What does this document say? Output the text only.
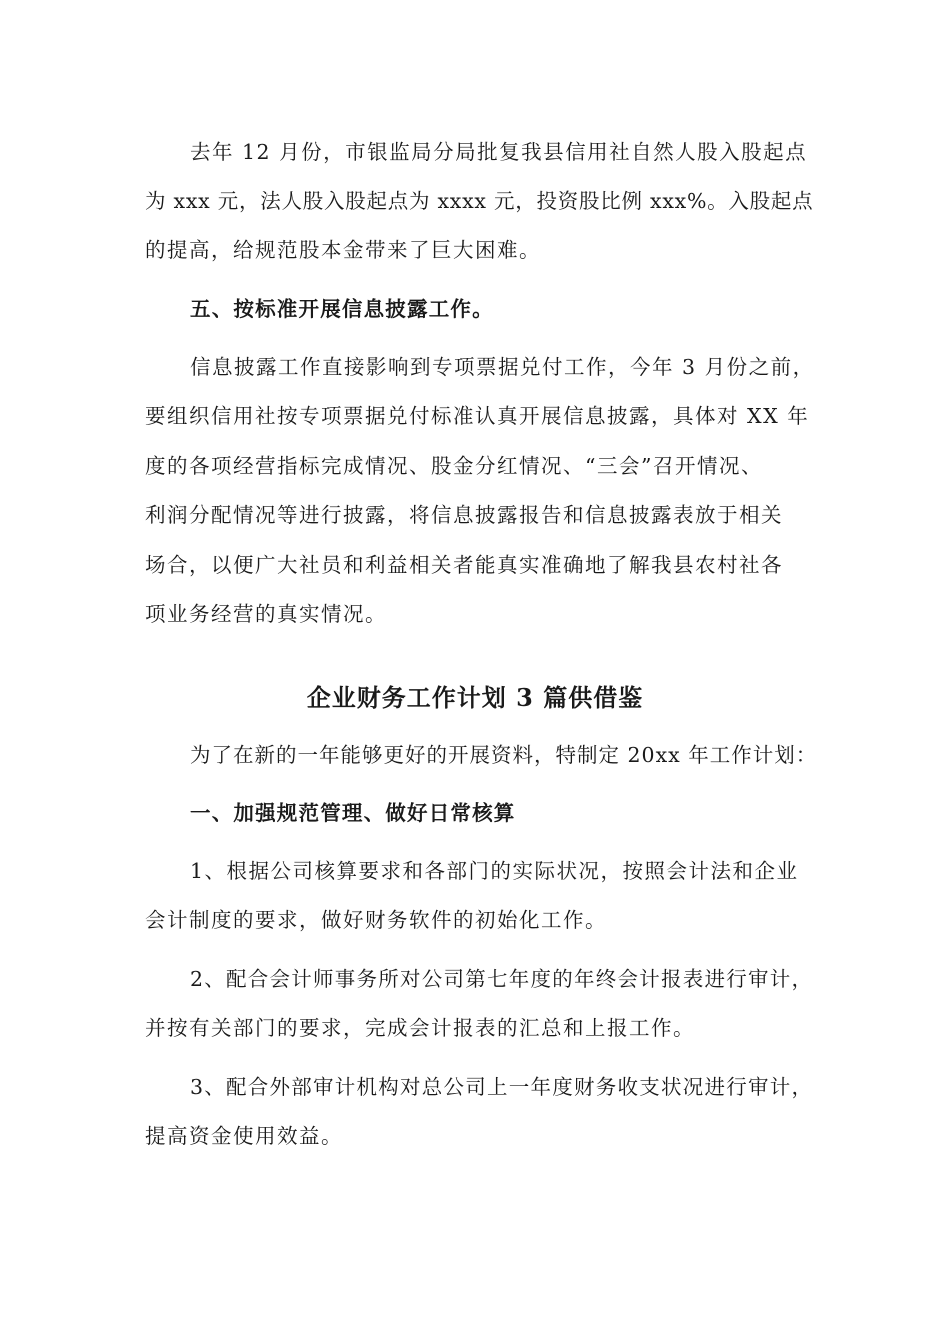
去年 12 月份，市银监局分局批复我县信用社自然人股入股起点
为 xxx 元，法人股入股起点为 xxxx 元，投资股比例 xxx%。入股起点
的提高，给规范股本金带来了巨大困难。
五、按标准开展信息披露工作。
信息披露工作直接影响到专项票据兑付工作，今年 3 月份之前，
要组织信用社按专项票据兑付标准认真开展信息披露，具体对 XX 年
度的各项经营指标完成情况、股金分红情况、“三会”召开情况、
利润分配情况等进行披露，将信息披露报告和信息披露表放于相关
场合，以便广大社员和利益相关者能真实准确地了解我县农村社各
项业务经营的真实情况。
企业财务工作计划 3 篇供借鉴
为了在新的一年能够更好的开展资料，特制定 20xx 年工作计划：
一、加强规范管理、做好日常核算
1、根据公司核算要求和各部门的实际状况，按照会计法和企业
会计制度的要求，做好财务软件的初始化工作。
2、配合会计师事务所对公司第七年度的年终会计报表进行审计，
并按有关部门的要求，完成会计报表的汇总和上报工作。
3、配合外部审计机构对总公司上一年度财务收支状况进行审计，
提高资金使用效益。
